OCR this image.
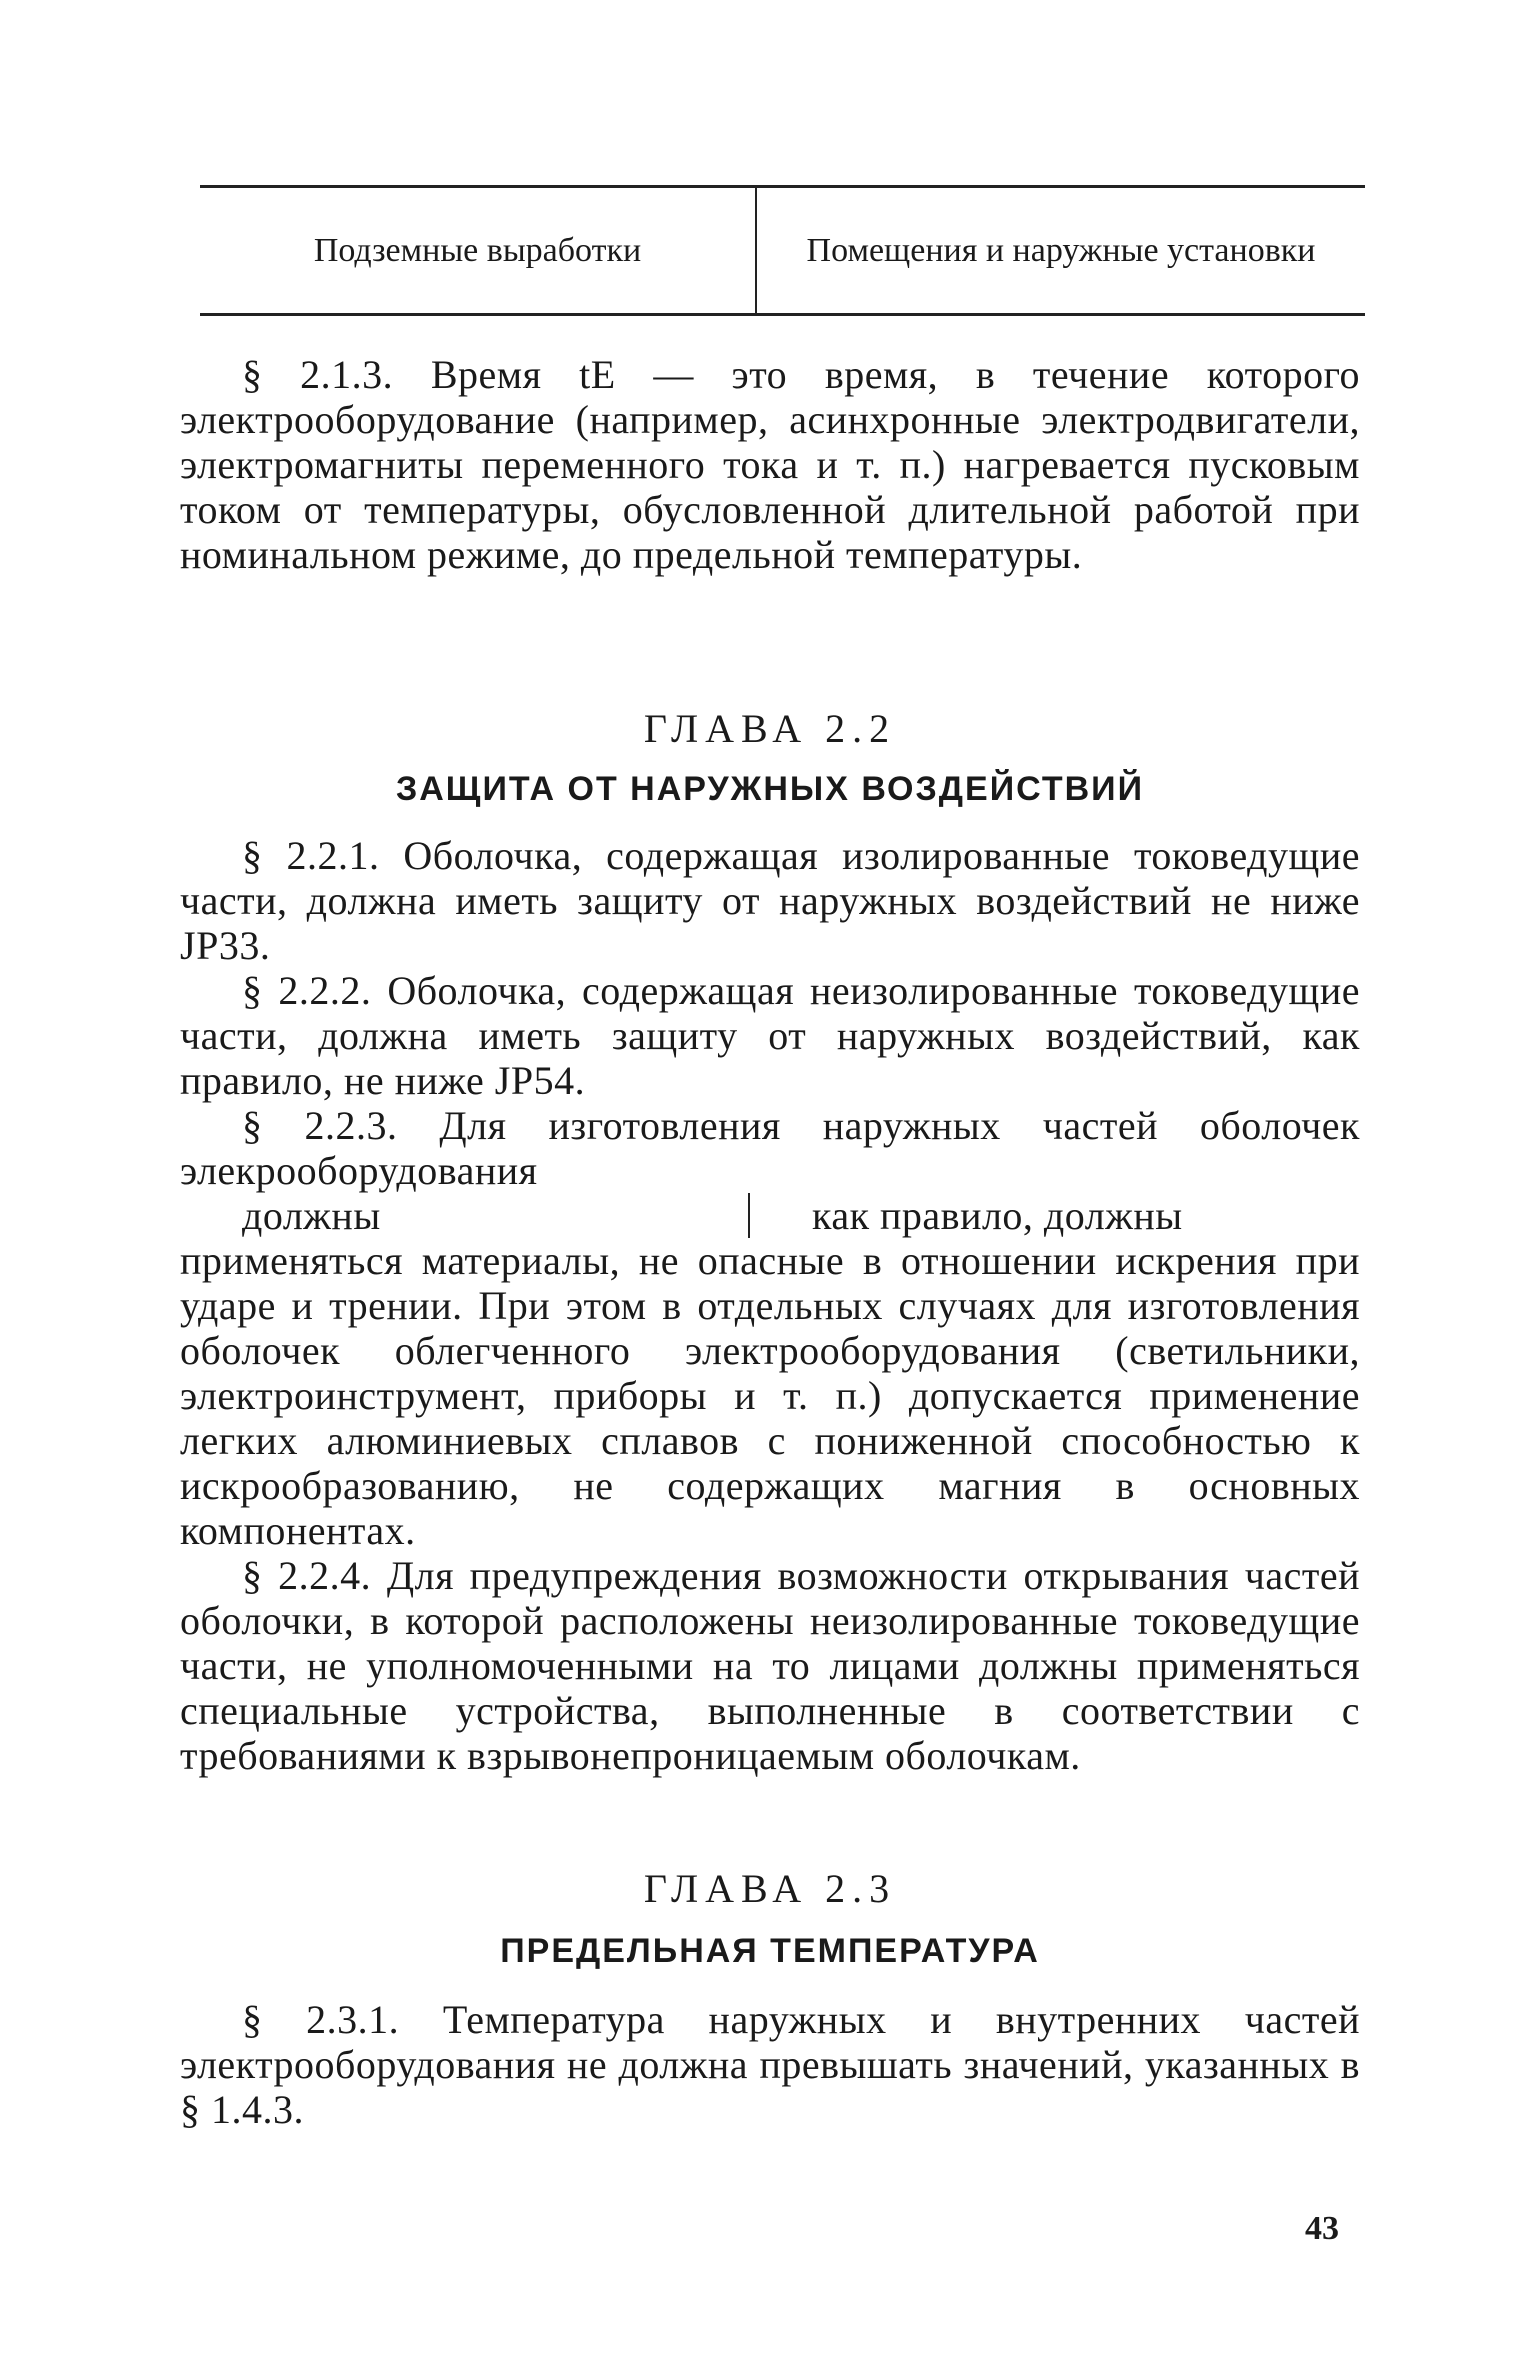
Подземные выработки	Помещения и наружные установки

§ 2.1.3. Время tE — это время, в течение которого электрооборудование (например, асинхронные электродвигатели, электромагниты переменного тока и т. п.) нагревается пусковым током от температуры, обусловленной длительной работой при номинальном режиме, до предельной температуры.

ГЛАВА 2.2
ЗАЩИТА ОТ НАРУЖНЫХ ВОЗДЕЙСТВИЙ

§ 2.2.1. Оболочка, содержащая изолированные токоведущие части, должна иметь защиту от наружных воздействий не ниже JP33.

§ 2.2.2. Оболочка, содержащая неизолированные токоведущие части, должна иметь защиту от наружных воздействий, как правило, не ниже JP54.

§ 2.2.3. Для изготовления наружных частей оболочек элекрооборудования

должны	как правило, должны

применяться материалы, не опасные в отношении искрения при ударе и трении. При этом в отдельных случаях для изготовления оболочек облегченного электрооборудования (светильники, электроинструмент, приборы и т. п.) допускается применение легких алюминиевых сплавов с пониженной способностью к искрообразованию, не содержащих магния в основных компонентах.

§ 2.2.4. Для предупреждения возможности открывания частей оболочки, в которой расположены неизолированные токоведущие части, не уполномоченными на то лицами должны применяться специальные устройства, выполненные в соответствии с требованиями к взрывонепроницаемым оболочкам.

ГЛАВА 2.3
ПРЕДЕЛЬНАЯ ТЕМПЕРАТУРА

§ 2.3.1. Температура наружных и внутренних частей электрооборудования не должна превышать значений, указанных в § 1.4.3.

43
